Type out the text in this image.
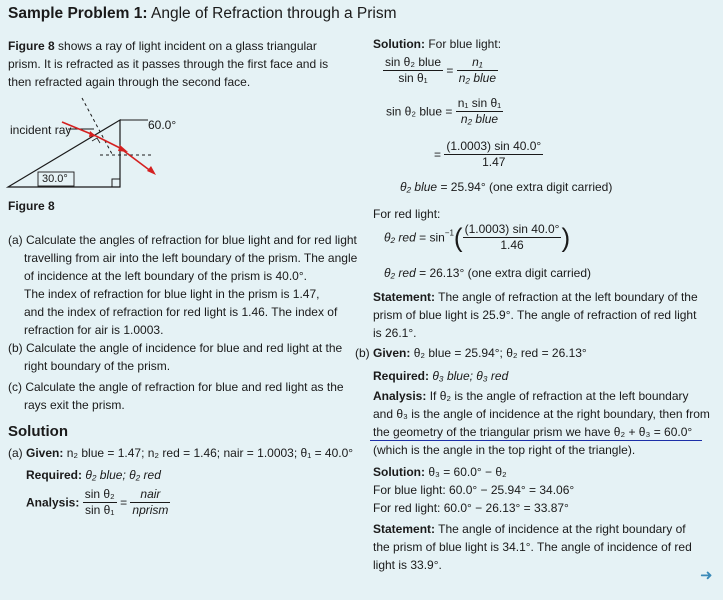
Sample Problem 1: Angle of Refraction through a Prism
Figure 8 shows a ray of light incident on a glass triangular
prism. It is refracted as it passes through the first face and is
then refracted again through the second face.
incident ray	60.0°
30.0°
Figure 8
(a) Calculate the angles of refraction for blue light and for red light
travelling from air into the left boundary of the prism. The angle
of incidence at the left boundary of the prism is 40.0°.
The index of refraction for blue light in the prism is 1.47,
and the index of refraction for red light is 1.46. The index of
refraction for air is 1.0003.
(b) Calculate the angle of incidence for blue and red light at the
right boundary of the prism.
(c) Calculate the angle of refraction for blue and red light as the
rays exit the prism.
Solution
(a) Given: n₂ blue = 1.47; n₂ red = 1.46; nair = 1.0003; θ₁ = 40.0°
Required: θ₂ blue; θ₂ red
Analysis: $\frac{\text{sin θ₂}}{\text{sin θ₁}} = \frac{\text{nair}}{\text{nprism}}$
Solution: For blue light:
$\frac{\text{sin θ₂ blue}}{\text{sin θ₁}} = \frac{\text{n₁}}{\text{n₂ blue}}$
sin θ₂ blue = $\frac{\text{n₁ sin θ₁}}{\text{n₂ blue}}$
= $\frac{(1.0003) \sin 40.0^\circ}{1.47}$
θ₂ blue = 25.94° (one extra digit carried)
For red light:
θ₂ red = $\sin^{-1}( \frac{(1.0003) \sin 40.0^\circ}{1.46}$ )
θ₂ red = 26.13° (one extra digit carried)
Statement: The angle of refraction at the left boundary of the
prism of blue light is 25.9°. The angle of refraction of red light
is 26.1°.
(b) Given: θ₂ blue = 25.94°; θ₂ red = 26.13°
Required: θ₃ blue; θ₃ red
Analysis: If θ₂ is the angle of refraction at the left boundary
and θ₃ is the angle of incidence at the right boundary, then from
the geometry of the triangular prism we have θ₂ + θ₃ = 60.0°
(which is the angle in the top right of the triangle).
Solution: θ₃ = 60.0° − θ₂
For blue light: 60.0° − 25.94° = 34.06°
For red light: 60.0° − 26.13° = 33.87°
Statement: The angle of incidence at the right boundary of
the prism of blue light is 34.1°. The angle of incidence of red
light is 33.9°.
➜
